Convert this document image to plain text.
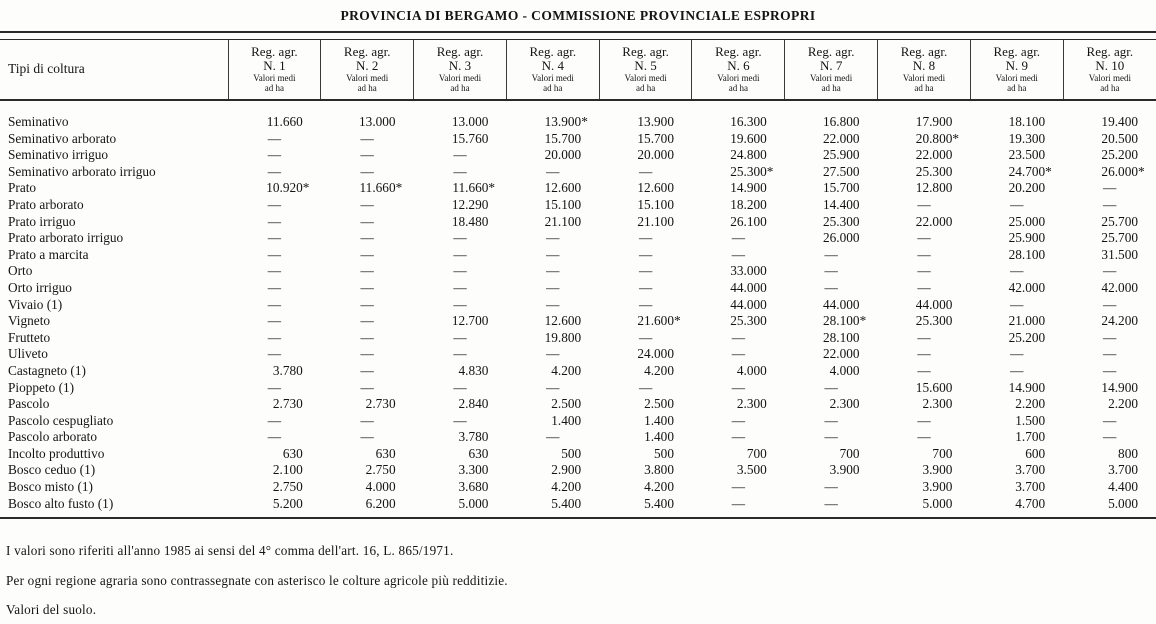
PROVINCIA DI BERGAMO - COMMISSIONE PROVINCIALE ESPROPRI
Tipi di coltura	
Reg. agr.
N. 1
Valori medi
ad ha

Reg. agr.
N. 2
Valori medi
ad ha

Reg. agr.
N. 3
Valori medi
ad ha

Reg. agr.
N. 4
Valori medi
ad ha

Reg. agr.
N. 5
Valori medi
ad ha

Reg. agr.
N. 6
Valori medi
ad ha

Reg. agr.
N. 7
Valori medi
ad ha

Reg. agr.
N. 8
Valori medi
ad ha

Reg. agr.
N. 9
Valori medi
ad ha

Reg. agr.
N. 10
Valori medi
ad ha

Seminativo	11.660	13.000	13.000	13.900*	13.900	16.300	16.800	17.900	18.100	19.400
Seminativo arborato	—	—	15.760	15.700	15.700	19.600	22.000	20.800*	19.300	20.500
Seminativo irriguo	—	—	—	20.000	20.000	24.800	25.900	22.000	23.500	25.200
Seminativo arborato irriguo	—	—	—	—	—	25.300*	27.500	25.300	24.700*	26.000*
Prato	10.920*	11.660*	11.660*	12.600	12.600	14.900	15.700	12.800	20.200	—
Prato arborato	—	—	12.290	15.100	15.100	18.200	14.400	—	—	—
Prato irriguo	—	—	18.480	21.100	21.100	26.100	25.300	22.000	25.000	25.700
Prato arborato irriguo	—	—	—	—	—	—	26.000	—	25.900	25.700
Prato a marcita	—	—	—	—	—	—	—	—	28.100	31.500
Orto	—	—	—	—	—	33.000	—	—	—	—
Orto irriguo	—	—	—	—	—	44.000	—	—	42.000	42.000
Vivaio (1)	—	—	—	—	—	44.000	44.000	44.000	—	—
Vigneto	—	—	12.700	12.600	21.600*	25.300	28.100*	25.300	21.000	24.200
Frutteto	—	—	—	19.800	—	—	28.100	—	25.200	—
Uliveto	—	—	—	—	24.000	—	22.000	—	—	—
Castagneto (1)	3.780	—	4.830	4.200	4.200	4.000	4.000	—	—	—
Pioppeto (1)	—	—	—	—	—	—	—	15.600	14.900	14.900
Pascolo	2.730	2.730	2.840	2.500	2.500	2.300	2.300	2.300	2.200	2.200
Pascolo cespugliato	—	—	—	1.400	1.400	—	—	—	1.500	—
Pascolo arborato	—	—	3.780	—	1.400	—	—	—	1.700	—
Incolto produttivo	630	630	630	500	500	700	700	700	600	800
Bosco ceduo (1)	2.100	2.750	3.300	2.900	3.800	3.500	3.900	3.900	3.700	3.700
Bosco misto (1)	2.750	4.000	3.680	4.200	4.200	—	—	3.900	3.700	4.400
Bosco alto fusto (1)	5.200	6.200	5.000	5.400	5.400	—	—	5.000	4.700	5.000

I valori sono riferiti all'anno 1985 ai sensi del 4° comma dell'art. 16, L. 865/1971.

Per ogni regione agraria sono contrassegnate con asterisco le colture agricole più redditizie.

Valori del suolo.
